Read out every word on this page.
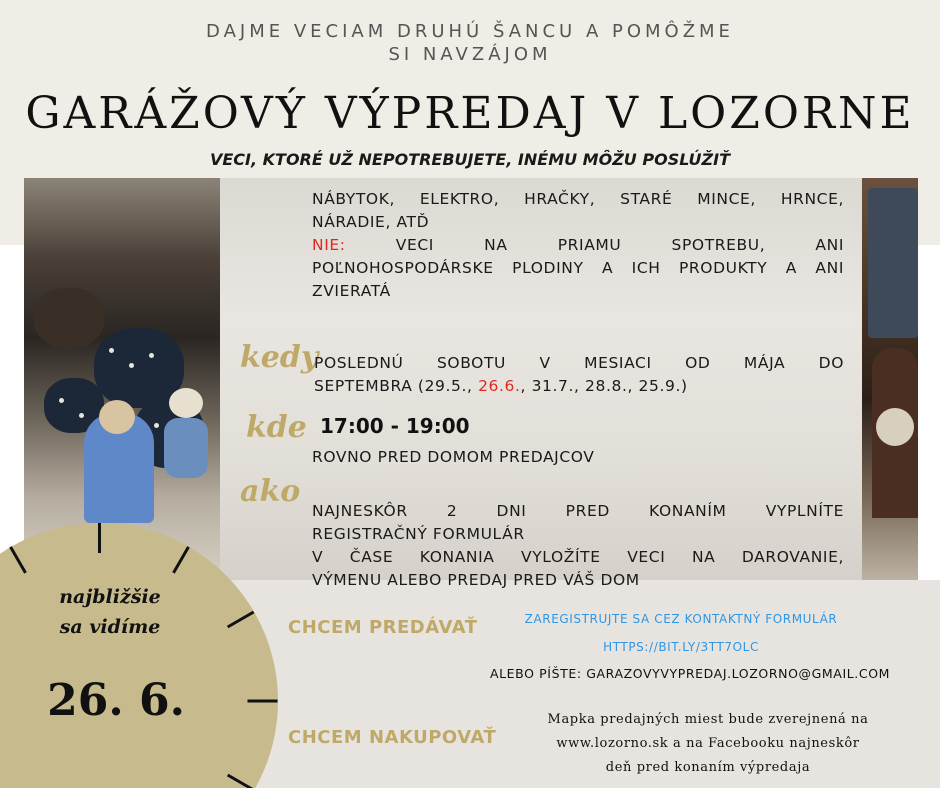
DAJME VECIAM DRUHÚ ŠANCU A POMÔŽME
SI NAVZÁJOM
GARÁŽOVÝ VÝPREDAJ V LOZORNE
VECI, KTORÉ UŽ NEPOTREBUJETE, INÉMU MÔŽU POSLÚŽIŤ
NÁBYTOK, ELEKTRO, HRAČKY, STARÉ MINCE, HRNCE,
NÁRADIE, ATĎ
NIE: VECI NA PRIAMU SPOTREBU, ANI
POĽNOHOSPODÁRSKE PLODINY A ICH PRODUKTY A ANI
ZVIERATÁ
kedy
POSLEDNÚ SOBOTU V MESIACI OD MÁJA DO
SEPTEMBRA (29.5., 26.6., 31.7., 28.8., 25.9.)
kde 17:00 - 19:00
ROVNO PRED DOMOM PREDAJCOV
ako
NAJNESKÔR 2 DNI PRED KONANÍM VYPLNÍTE
REGISTRAČNÝ FORMULÁR
V ČASE KONANIA VYLOŽÍTE VECI NA DAROVANIE,
VÝMENU ALEBO PREDAJ PRED VÁŠ DOM
najbližšie
sa vidíme
26. 6.
CHCEM PREDÁVAŤ	ZAREGISTRUJTE SA CEZ KONTAKTNÝ FORMULÁR
HTTPS://BIT.LY/3TT7OLC
ALEBO PÍŠTE: GARAZOVYVYPREDAJ.LOZORNO@GMAIL.COM
CHCEM NAKUPOVAŤ
Mapka predajných miest bude zverejnená na
www.lozorno.sk a na Facebooku najneskôr
deň pred konaním výpredaja
